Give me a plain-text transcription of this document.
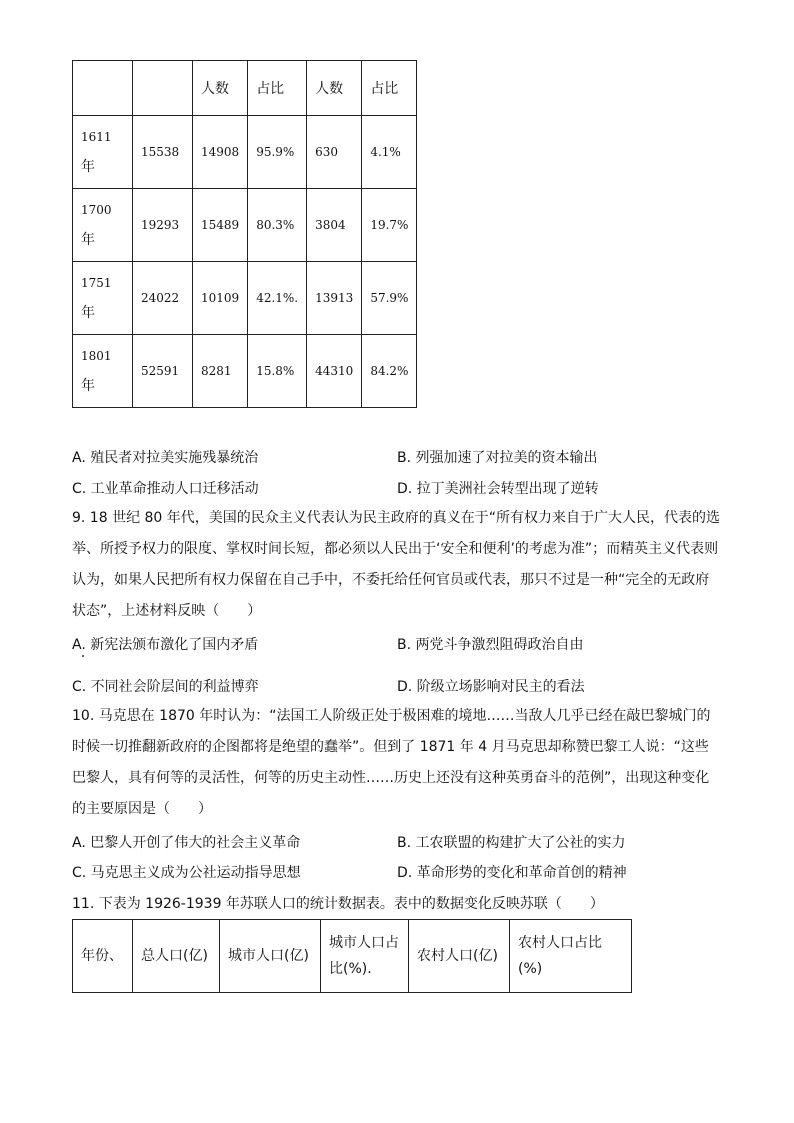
		人数	占比	人数	占比

1611
年	15538	14908	95.9%	630	4.1%

1700
年	19293	15489	80.3%	3804	19.7%

1751
年	24022	10109	42.1%.	13913	57.9%

1801
年	52591	8281	15.8%	44310	84.2%
A. 殖民者对拉美实施残暴统治	B. 列强加速了对拉美的资本输出
C. 工业革命推动人口迁移活动	D. 拉丁美洲社会转型出现了逆转
9. 18 世纪 80 年代，美国的民众主义代表认为民主政府的真义在于“所有权力来自于广大人民，代表的选举、所授予权力的限度、掌权时间长短，都必须以人民出于‘安全和便利’的考虑为准”；而精英主义代表则认为，如果人民把所有权力保留在自己手中，不委托给任何官员或代表，那只不过是一种“完全的无政府状态”，上述材料反映（　　）
A. 新宪法颁布激化了国内矛盾	B. 两党斗争激烈阻碍政治自由
C. 不同社会阶层间的利益博弈	D. 阶级立场影响对民主的看法
10. 马克思在 1870 年时认为：“法国工人阶级正处于极困难的境地……当敌人几乎已经在敲巴黎城门的时候一切推翻新政府的企图都将是绝望的蠢举”。但到了 1871 年 4 月马克思却称赞巴黎工人说：“这些巴黎人，具有何等的灵活性，何等的历史主动性……历史上还没有这种英勇奋斗的范例”，出现这种变化的主要原因是（　　）
A. 巴黎人开创了伟大的社会主义革命	B. 工农联盟的构建扩大了公社的实力
C. 马克思主义成为公社运动指导思想	D. 革命形势的变化和革命首创的精神
11. 下表为 1926-1939 年苏联人口的统计数据表。表中的数据变化反映苏联（　　）
年份、	总人口(亿)	城市人口(亿)	城市人口占比(%).	农村人口(亿)	农村人口占比(%)
